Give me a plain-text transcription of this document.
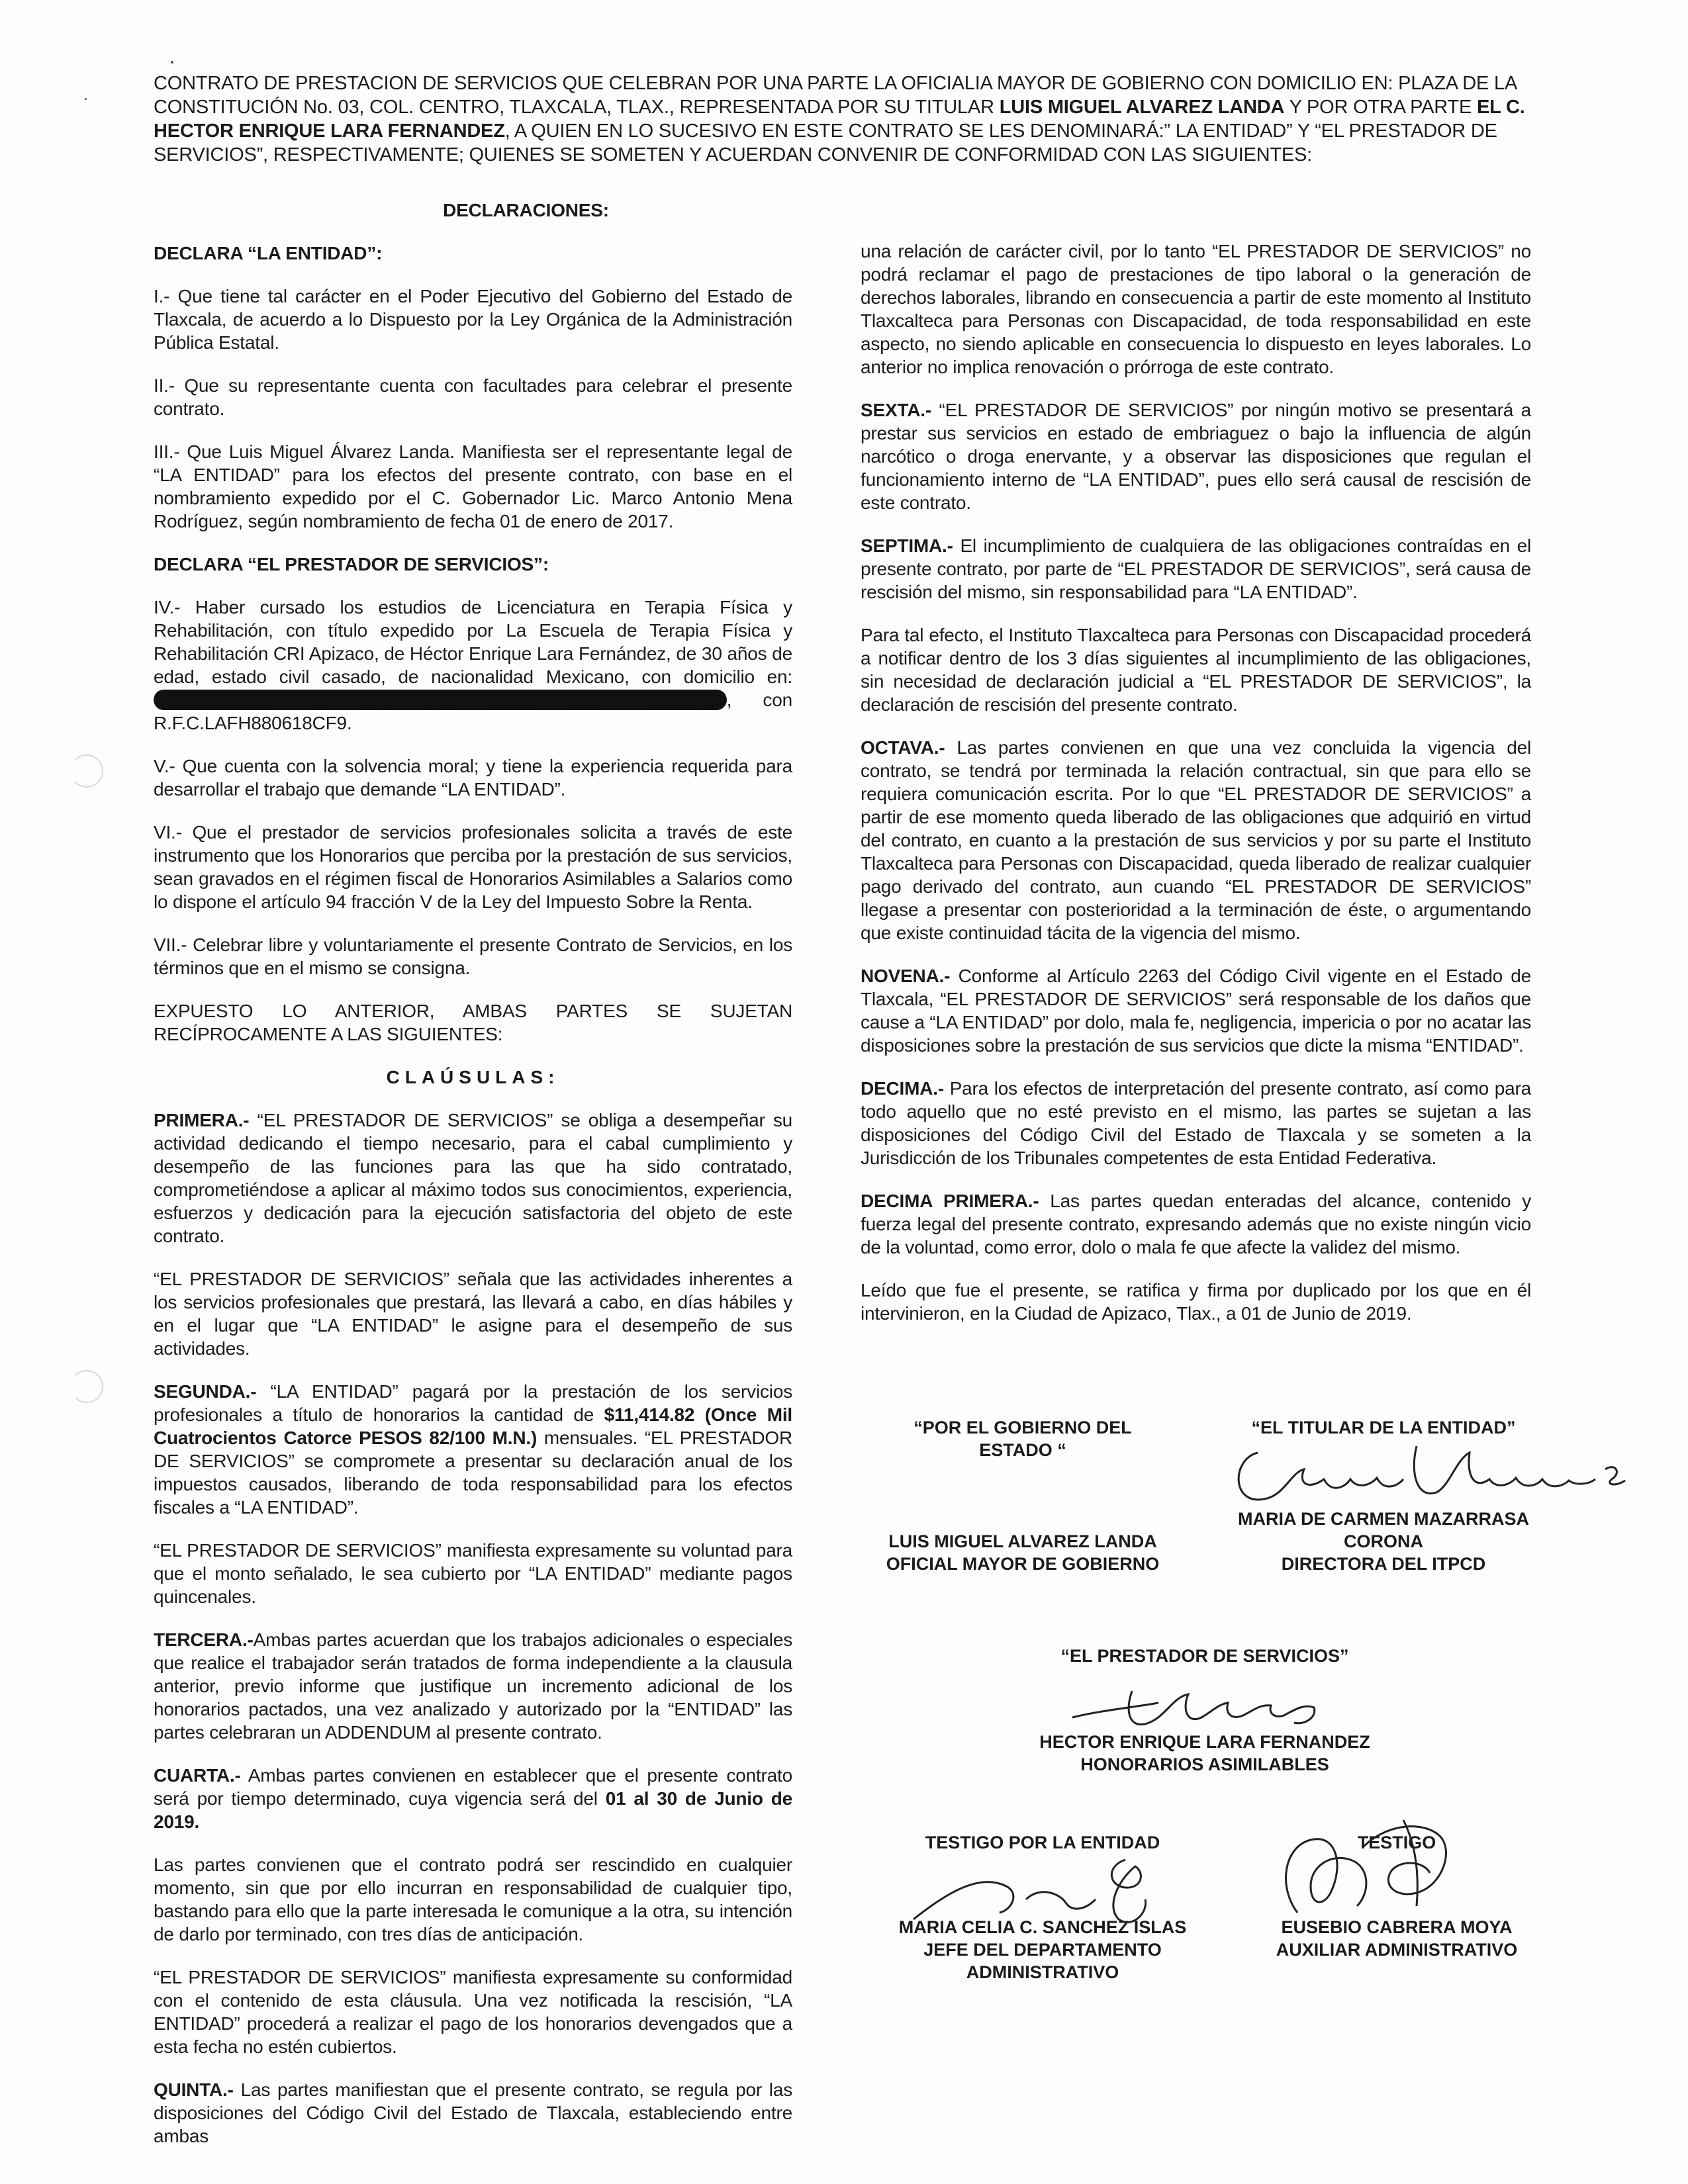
CONTRATO DE PRESTACION DE SERVICIOS QUE CELEBRAN POR UNA PARTE LA OFICIALIA MAYOR DE GOBIERNO CON DOMICILIO EN: PLAZA DE LA CONSTITUCIÓN No. 03, COL. CENTRO, TLAXCALA, TLAX., REPRESENTADA POR SU TITULAR LUIS MIGUEL ALVAREZ LANDA Y POR OTRA PARTE EL C. HECTOR ENRIQUE LARA FERNANDEZ, A QUIEN EN LO SUCESIVO EN ESTE CONTRATO SE LES DENOMINARÁ:” LA ENTIDAD” Y “EL PRESTADOR DE SERVICIOS”, RESPECTIVAMENTE; QUIENES SE SOMETEN Y ACUERDAN CONVENIR DE CONFORMIDAD CON LAS SIGUIENTES:

DECLARACIONES:

DECLARA “LA ENTIDAD”:

I.- Que tiene tal carácter en el Poder Ejecutivo del Gobierno del Estado de Tlaxcala, de acuerdo a lo Dispuesto por la Ley Orgánica de la Administración Pública Estatal.

II.- Que su representante cuenta con facultades para celebrar el presente contrato.

III.- Que Luis Miguel Álvarez Landa. Manifiesta ser el representante legal de “LA ENTIDAD” para los efectos del presente contrato, con base en el nombramiento expedido por el C. Gobernador Lic. Marco Antonio Mena Rodríguez, según nombramiento de fecha 01 de enero de 2017.

DECLARA “EL PRESTADOR DE SERVICIOS”:

IV.- Haber cursado los estudios de Licenciatura en Terapia Física y Rehabilitación, con título expedido por La Escuela de Terapia Física y Rehabilitación CRI Apizaco, de Héctor Enrique Lara Fernández, de 30 años de edad, estado civil casado, de nacionalidad Mexicano, con domicilio en: Xxxxxxxxxxxx No. 000 Col. Xxxxx Xxxx Xxxxxxxxx , con R.F.C.LAFH880618CF9.

V.- Que cuenta con la solvencia moral; y tiene la experiencia requerida para desarrollar el trabajo que demande “LA ENTIDAD”.

VI.- Que el prestador de servicios profesionales solicita a través de este instrumento que los Honorarios que perciba por la prestación de sus servicios, sean gravados en el régimen fiscal de Honorarios Asimilables a Salarios como lo dispone el artículo 94 fracción V de la Ley del Impuesto Sobre la Renta.

VII.- Celebrar libre y voluntariamente el presente Contrato de Servicios, en los términos que en el mismo se consigna.

EXPUESTO LO ANTERIOR, AMBAS PARTES SE SUJETAN RECÍPROCAMENTE A LAS SIGUIENTES:

CLAÚSULAS:

PRIMERA.- “EL PRESTADOR DE SERVICIOS” se obliga a desempeñar su actividad dedicando el tiempo necesario, para el cabal cumplimiento y desempeño de las funciones para las que ha sido contratado, comprometiéndose a aplicar al máximo todos sus conocimientos, experiencia, esfuerzos y dedicación para la ejecución satisfactoria del objeto de este contrato.

“EL PRESTADOR DE SERVICIOS” señala que las actividades inherentes a los servicios profesionales que prestará, las llevará a cabo, en días hábiles y en el lugar que “LA ENTIDAD” le asigne para el desempeño de sus actividades.

SEGUNDA.- “LA ENTIDAD” pagará por la prestación de los servicios profesionales a título de honorarios la cantidad de $11,414.82 (Once Mil Cuatrocientos Catorce PESOS 82/100 M.N.) mensuales. “EL PRESTADOR DE SERVICIOS” se compromete a presentar su declaración anual de los impuestos causados, liberando de toda responsabilidad para los efectos fiscales a “LA ENTIDAD”.

“EL PRESTADOR DE SERVICIOS” manifiesta expresamente su voluntad para que el monto señalado, le sea cubierto por “LA ENTIDAD” mediante pagos quincenales.

TERCERA.-Ambas partes acuerdan que los trabajos adicionales o especiales que realice el trabajador serán tratados de forma independiente a la clausula anterior, previo informe que justifique un incremento adicional de los honorarios pactados, una vez analizado y autorizado por la “ENTIDAD” las partes celebraran un ADDENDUM al presente contrato.

CUARTA.- Ambas partes convienen en establecer que el presente contrato será por tiempo determinado, cuya vigencia será del 01 al 30 de Junio de 2019.

Las partes convienen que el contrato podrá ser rescindido en cualquier momento, sin que por ello incurran en responsabilidad de cualquier tipo, bastando para ello que la parte interesada le comunique a la otra, su intención de darlo por terminado, con tres días de anticipación.

“EL PRESTADOR DE SERVICIOS” manifiesta expresamente su conformidad con el contenido de esta cláusula. Una vez notificada la rescisión, “LA ENTIDAD” procederá a realizar el pago de los honorarios devengados que a esta fecha no estén cubiertos.

QUINTA.- Las partes manifiestan que el presente contrato, se regula por las disposiciones del Código Civil del Estado de Tlaxcala, estableciendo entre ambas

una relación de carácter civil, por lo tanto “EL PRESTADOR DE SERVICIOS” no podrá reclamar el pago de prestaciones de tipo laboral o la generación de derechos laborales, librando en consecuencia a partir de este momento al Instituto Tlaxcalteca para Personas con Discapacidad, de toda responsabilidad en este aspecto, no siendo aplicable en consecuencia lo dispuesto en leyes laborales. Lo anterior no implica renovación o prórroga de este contrato.

SEXTA.- “EL PRESTADOR DE SERVICIOS” por ningún motivo se presentará a prestar sus servicios en estado de embriaguez o bajo la influencia de algún narcótico o droga enervante, y a observar las disposiciones que regulan el funcionamiento interno de “LA ENTIDAD”, pues ello será causal de rescisión de este contrato.

SEPTIMA.- El incumplimiento de cualquiera de las obligaciones contraídas en el presente contrato, por parte de “EL PRESTADOR DE SERVICIOS”, será causa de rescisión del mismo, sin responsabilidad para “LA ENTIDAD”.

Para tal efecto, el Instituto Tlaxcalteca para Personas con Discapacidad procederá a notificar dentro de los 3 días siguientes al incumplimiento de las obligaciones, sin necesidad de declaración judicial a “EL PRESTADOR DE SERVICIOS”, la declaración de rescisión del presente contrato.

OCTAVA.- Las partes convienen en que una vez concluida la vigencia del contrato, se tendrá por terminada la relación contractual, sin que para ello se requiera comunicación escrita. Por lo que “EL PRESTADOR DE SERVICIOS” a partir de ese momento queda liberado de las obligaciones que adquirió en virtud del contrato, en cuanto a la prestación de sus servicios y por su parte el Instituto Tlaxcalteca para Personas con Discapacidad, queda liberado de realizar cualquier pago derivado del contrato, aun cuando “EL PRESTADOR DE SERVICIOS” llegase a presentar con posterioridad a la terminación de éste, o argumentando que existe continuidad tácita de la vigencia del mismo.

NOVENA.- Conforme al Artículo 2263 del Código Civil vigente en el Estado de Tlaxcala, “EL PRESTADOR DE SERVICIOS” será responsable de los daños que cause a “LA ENTIDAD” por dolo, mala fe, negligencia, impericia o por no acatar las disposiciones sobre la prestación de sus servicios que dicte la misma “ENTIDAD”.

DECIMA.- Para los efectos de interpretación del presente contrato, así como para todo aquello que no esté previsto en el mismo, las partes se sujetan a las disposiciones del Código Civil del Estado de Tlaxcala y se someten a la Jurisdicción de los Tribunales competentes de esta Entidad Federativa.

DECIMA PRIMERA.- Las partes quedan enteradas del alcance, contenido y fuerza legal del presente contrato, expresando además que no existe ningún vicio de la voluntad, como error, dolo o mala fe que afecte la validez del mismo.

Leído que fue el presente, se ratifica y firma por duplicado por los que en él intervinieron, en la Ciudad de Apizaco, Tlax., a 01 de Junio de 2019.

“POR EL GOBIERNO DEL ESTADO “
LUIS MIGUEL ALVAREZ LANDA
OFICIAL MAYOR DE GOBIERNO
“EL TITULAR DE LA ENTIDAD”
MARIA DE CARMEN MAZARRASA
CORONA
DIRECTORA DEL ITPCD
“EL PRESTADOR DE SERVICIOS”
HECTOR ENRIQUE LARA FERNANDEZ
HONORARIOS ASIMILABLES
TESTIGO POR LA ENTIDAD
MARIA CELIA C. SANCHEZ ISLAS
JEFE DEL DEPARTAMENTO
ADMINISTRATIVO
TESTIGO
EUSEBIO CABRERA MOYA
AUXILIAR ADMINISTRATIVO
